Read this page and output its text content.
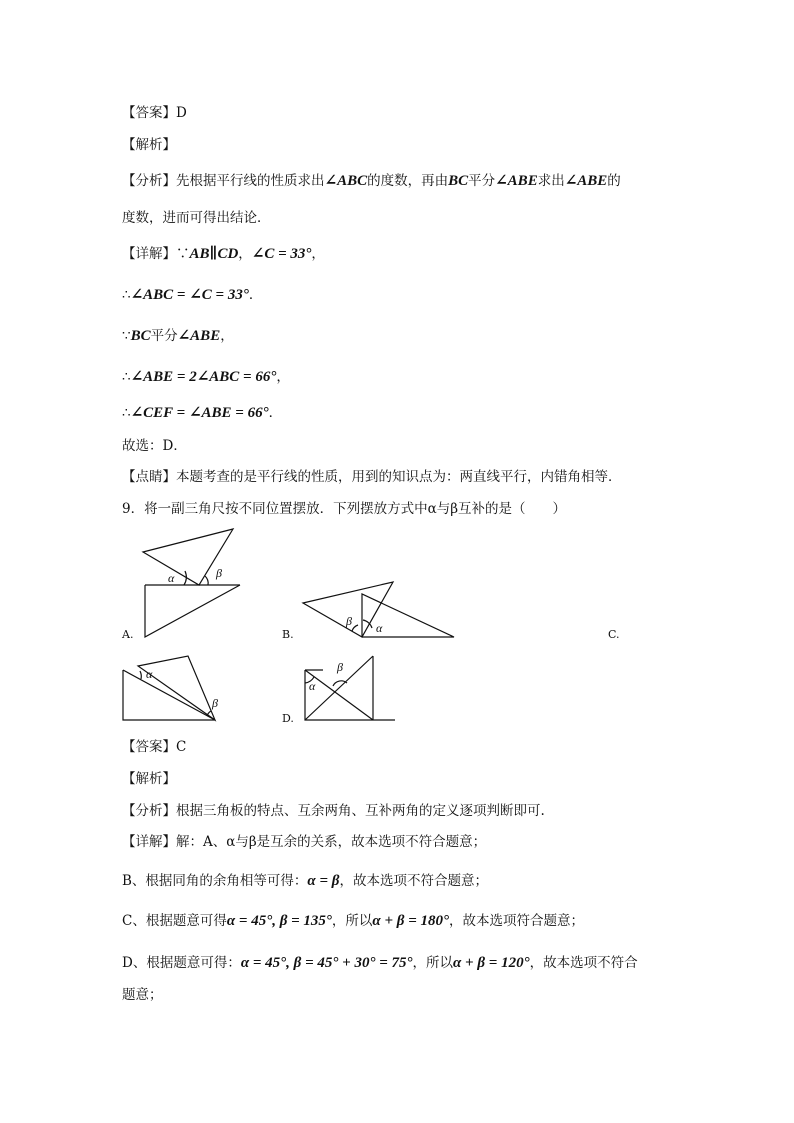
【答案】D
【解析】
【分析】先根据平行线的性质求出∠ABC的度数，再由BC平分∠ABE求出∠ABE的
度数，进而可得出结论．
【详解】∵AB∥CD，∠C = 33°，
∴∠ABC = ∠C = 33°．
∵BC平分∠ABE，
∴∠ABE = 2∠ABC = 66°，
∴∠CEF = ∠ABE = 66°．
故选：D．
【点睛】本题考查的是平行线的性质，用到的知识点为：两直线平行，内错角相等．
9．将一副三角尺按不同位置摆放．下列摆放方式中α与β互补的是（　　）
α	β
β α
α
β
α
β
A.	B.	C.
D.
【答案】C
【解析】
【分析】根据三角板的特点、互余两角、互补两角的定义逐项判断即可.
【详解】解：A、α与β是互余的关系，故本选项不符合题意；
B、根据同角的余角相等可得：α = β，故本选项不符合题意；
C、根据题意可得α = 45°, β = 135°，所以α + β = 180°，故本选项符合题意；
D、根据题意可得：α = 45°, β = 45° + 30° = 75°，所以α + β = 120°，故本选项不符合
题意；
